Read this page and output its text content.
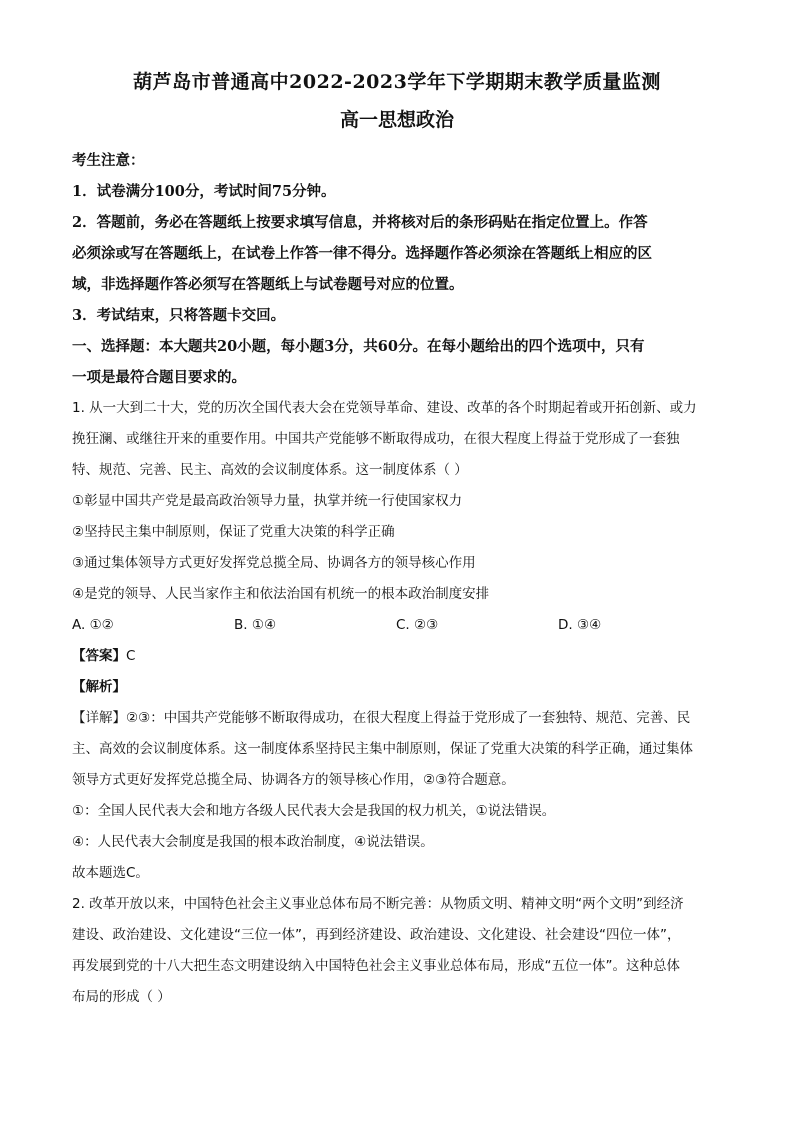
葫芦岛市普通高中2022-2023学年下学期期末教学质量监测
高一思想政治
考生注意：

1．试卷满分100分，考试时间75分钟。

2．答题前，务必在答题纸上按要求填写信息，并将核对后的条形码贴在指定位置上。作答

必须涂或写在答题纸上，在试卷上作答一律不得分。选择题作答必须涂在答题纸上相应的区

域，非选择题作答必须写在答题纸上与试卷题号对应的位置。

3．考试结束，只将答题卡交回。

一、选择题：本大题共20小题，每小题3分，共60分。在每小题给出的四个选项中，只有

一项是最符合题目要求的。

1. 从一大到二十大，党的历次全国代表大会在党领导革命、建设、改革的各个时期起着或开拓创新、或力

挽狂澜、或继往开来的重要作用。中国共产党能够不断取得成功，在很大程度上得益于党形成了一套独

特、规范、完善、民主、高效的会议制度体系。这一制度体系（ ）

①彰显中国共产党是最高政治领导力量，执掌并统一行使国家权力

②坚持民主集中制原则，保证了党重大决策的科学正确

③通过集体领导方式更好发挥党总揽全局、协调各方的领导核心作用

④是党的领导、人民当家作主和依法治国有机统一的根本政治制度安排

A. ①②	B. ①④	C. ②③	D. ③④
【答案】C
【解析】

【详解】②③：中国共产党能够不断取得成功，在很大程度上得益于党形成了一套独特、规范、完善、民

主、高效的会议制度体系。这一制度体系坚持民主集中制原则，保证了党重大决策的科学正确，通过集体

领导方式更好发挥党总揽全局、协调各方的领导核心作用，②③符合题意。

①：全国人民代表大会和地方各级人民代表大会是我国的权力机关，①说法错误。

④：人民代表大会制度是我国的根本政治制度，④说法错误。

故本题选C。

2. 改革开放以来，中国特色社会主义事业总体布局不断完善：从物质文明、精神文明“两个文明”到经济

建设、政治建设、文化建设“三位一体”，再到经济建设、政治建设、文化建设、社会建设“四位一体”，

再发展到党的十八大把生态文明建设纳入中国特色社会主义事业总体布局，形成“五位一体”。这种总体

布局的形成（ ）
